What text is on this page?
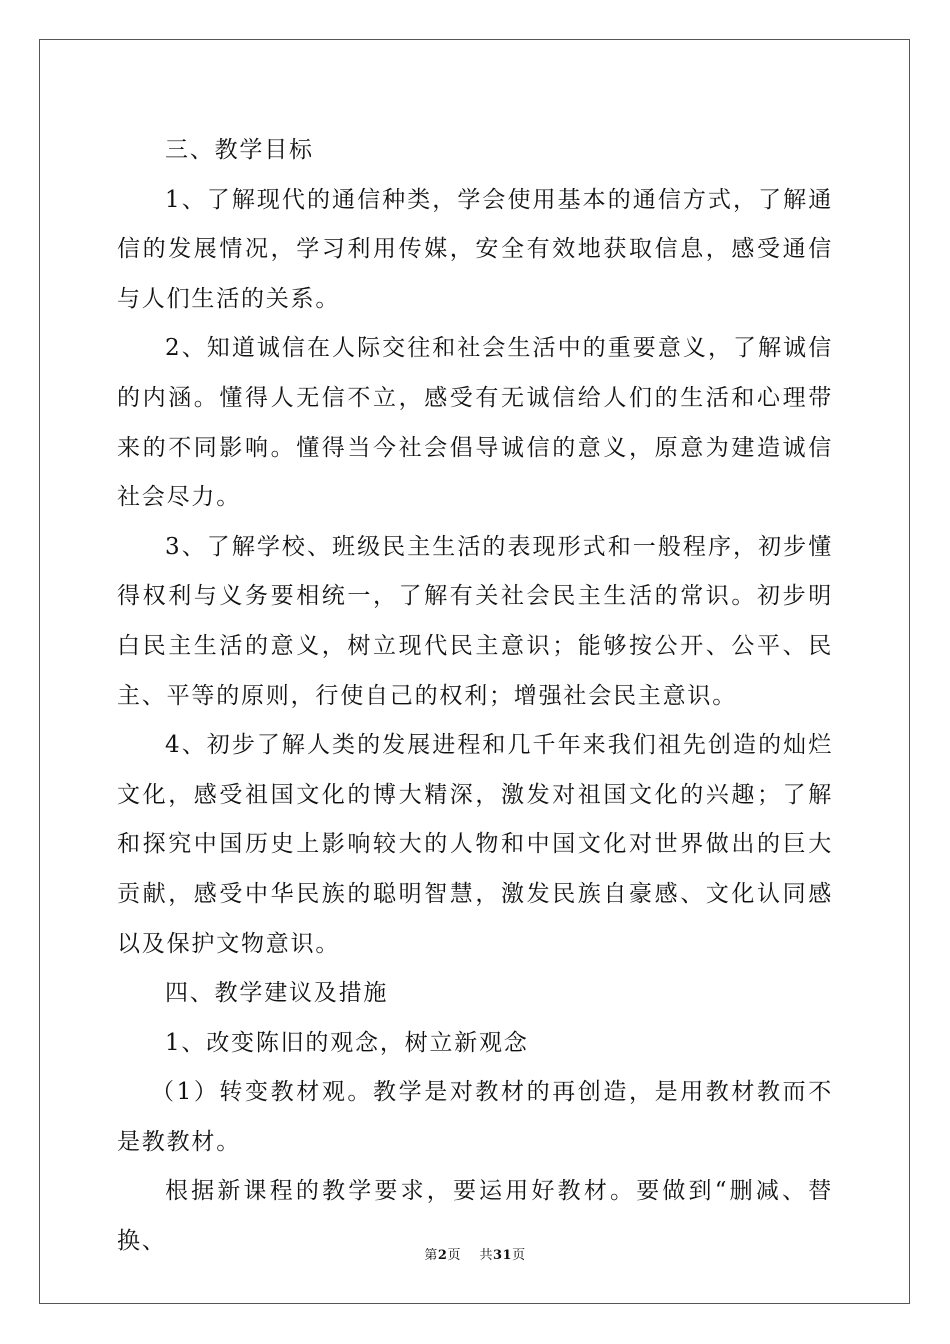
三、教学目标

1、了解现代的通信种类，学会使用基本的通信方式，了解通信的发展情况，学习利用传媒，安全有效地获取信息，感受通信与人们生活的关系。

2、知道诚信在人际交往和社会生活中的重要意义，了解诚信的内涵。懂得人无信不立，感受有无诚信给人们的生活和心理带来的不同影响。懂得当今社会倡导诚信的意义，原意为建造诚信社会尽力。

3、了解学校、班级民主生活的表现形式和一般程序，初步懂得权利与义务要相统一，了解有关社会民主生活的常识。初步明白民主生活的意义，树立现代民主意识；能够按公开、公平、民主、平等的原则，行使自己的权利；增强社会民主意识。

4、初步了解人类的发展进程和几千年来我们祖先创造的灿烂文化，感受祖国文化的博大精深，激发对祖国文化的兴趣；了解和探究中国历史上影响较大的人物和中国文化对世界做出的巨大贡献，感受中华民族的聪明智慧，激发民族自豪感、文化认同感以及保护文物意识。

四、教学建议及措施

1、改变陈旧的观念，树立新观念

（1）转变教材观。教学是对教材的再创造，是用教材教而不是教教材。

根据新课程的教学要求，要运用好教材。要做到“删减、替换、

第2页 共31页
